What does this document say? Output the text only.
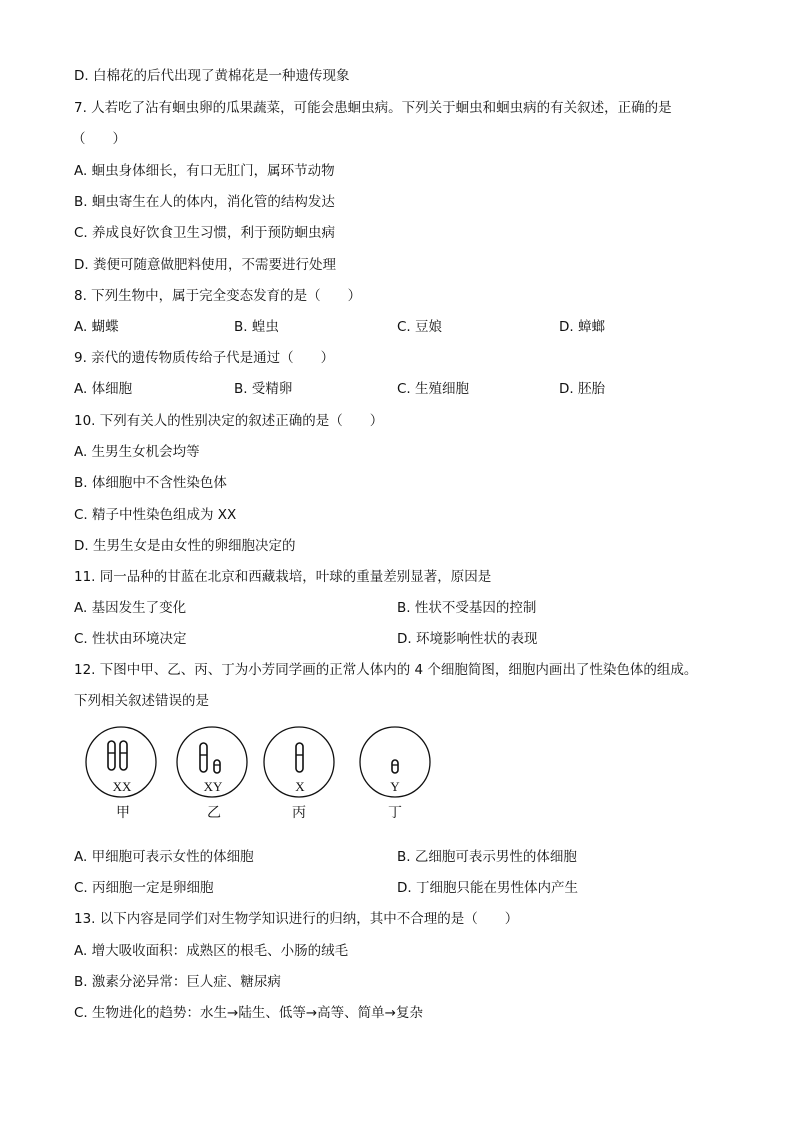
D. 白棉花的后代出现了黄棉花是一种遗传现象
7. 人若吃了沾有蛔虫卵的瓜果蔬菜，可能会患蛔虫病。下列关于蛔虫和蛔虫病的有关叙述，正确的是
（　　）
A. 蛔虫身体细长，有口无肛门，属环节动物
B. 蛔虫寄生在人的体内，消化管的结构发达
C. 养成良好饮食卫生习惯，利于预防蛔虫病
D. 粪便可随意做肥料使用，不需要进行处理
8. 下列生物中，属于完全变态发育的是（　　）
A. 蝴蝶	B. 蝗虫	C. 豆娘	D. 蟑螂
9. 亲代的遗传物质传给子代是通过（　　）
A. 体细胞	B. 受精卵	C. 生殖细胞	D. 胚胎
10. 下列有关人的性别决定的叙述正确的是（　　）
A. 生男生女机会均等
B. 体细胞中不含性染色体
C. 精子中性染色组成为 XX
D. 生男生女是由女性的卵细胞决定的
11. 同一品种的甘蓝在北京和西藏栽培，叶球的重量差别显著，原因是
A. 基因发生了变化	B. 性状不受基因的控制
C. 性状由环境决定	D. 环境影响性状的表现
12. 下图中甲、乙、丙、丁为小芳同学画的正常人体内的 4 个细胞简图，细胞内画出了性染色体的组成。
下列相关叙述错误的是
XX	XY	X	Y
甲	乙	丙	丁
A. 甲细胞可表示女性的体细胞	B. 乙细胞可表示男性的体细胞
C. 丙细胞一定是卵细胞	D. 丁细胞只能在男性体内产生
13. 以下内容是同学们对生物学知识进行的归纳，其中不合理的是（　　）
A. 增大吸收面积：成熟区的根毛、小肠的绒毛
B. 激素分泌异常：巨人症、糖尿病
C. 生物进化的趋势：水生→陆生、低等→高等、简单→复杂
